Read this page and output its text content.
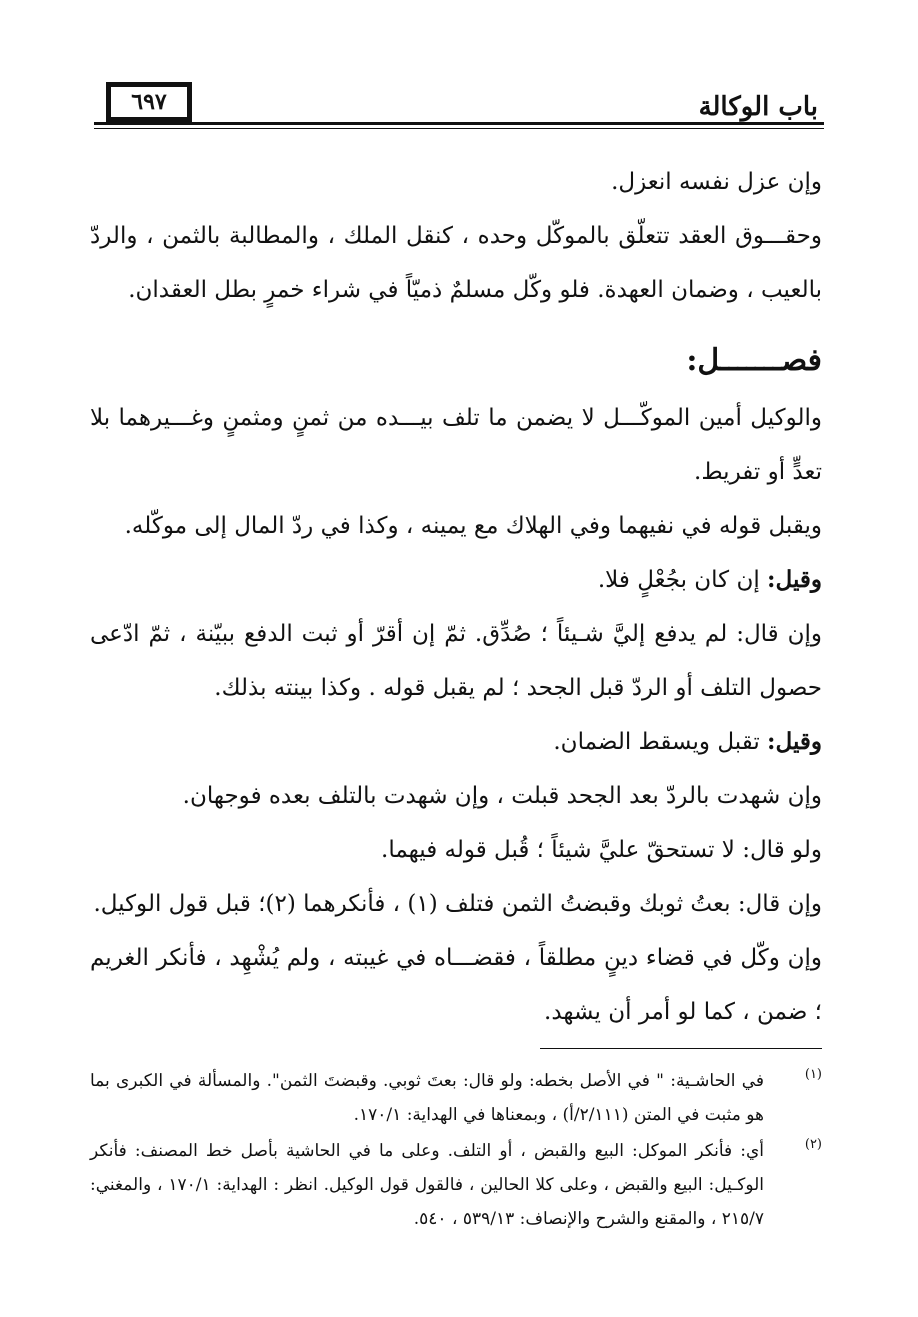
باب الوكالة
٦٩٧

وإن عزل نفسه انعزل.

وحقـــوق العقد تتعلّق بالموكّل وحده ، كنقل الملك ، والمطالبة بالثمن ، والردّ بالعيب ، وضمان العهدة. فلو وكّل مسلمٌ ذميّاً في شراء خمرٍ بطل العقدان.

فصـــــــل:

والوكيل أمين الموكّـــل لا يضمن ما تلف بيـــده من ثمنٍ ومثمنٍ وغـــيرهما بلا تعدٍّ أو تفريط.

ويقبل قوله في نفيهما وفي الهلاك مع يمينه ، وكذا في ردّ المال إلى موكّله.

وقيل: إن كان بجُعْلٍ فلا.

وإن قال: لم يدفع إليَّ شـيئاً ؛ صُدِّق. ثمّ إن أقرّ أو ثبت الدفع ببيّنة ، ثمّ ادّعى حصول التلف أو الردّ قبل الجحد ؛ لم يقبل قوله . وكذا بينته بذلك.

وقيل: تقبل ويسقط الضمان.

وإن شهدت بالردّ بعد الجحد قبلت ، وإن شهدت بالتلف بعده فوجهان.

ولو قال: لا تستحقّ عليَّ شيئاً ؛ قُبل قوله فيهما.

وإن قال: بعتُ ثوبك وقبضتُ الثمن فتلف (١) ، فأنكرهما (٢)؛ قبل قول الوكيل.

وإن وكّل في قضاء دينٍ مطلقاً ، فقضـــاه في غيبته ، ولم يُشْهِد ، فأنكر الغريم ؛ ضمن ، كما لو أمر أن يشهد.

(١)
في الحاشـية: " في الأصل بخطه: ولو قال: بعتَ ثوبي. وقبضتَ الثمن". والمسألة في الكبرى بما هو مثبت في المتن (٢/١١١/أ) ، وبمعناها في الهداية: ١٧٠/١.
(٢)
أي: فأنكر الموكل: البيع والقبض ، أو التلف. وعلى ما في الحاشية بأصل خط المصنف: فأنكر الوكـيل: البيع والقبض ، وعلى كلا الحالين ، فالقول قول الوكيل. انظر : الهداية: ١٧٠/١ ، والمغني: ٢١٥/٧ ، والمقنع والشرح والإنصاف: ٥٣٩/١٣ ، ٥٤٠.
